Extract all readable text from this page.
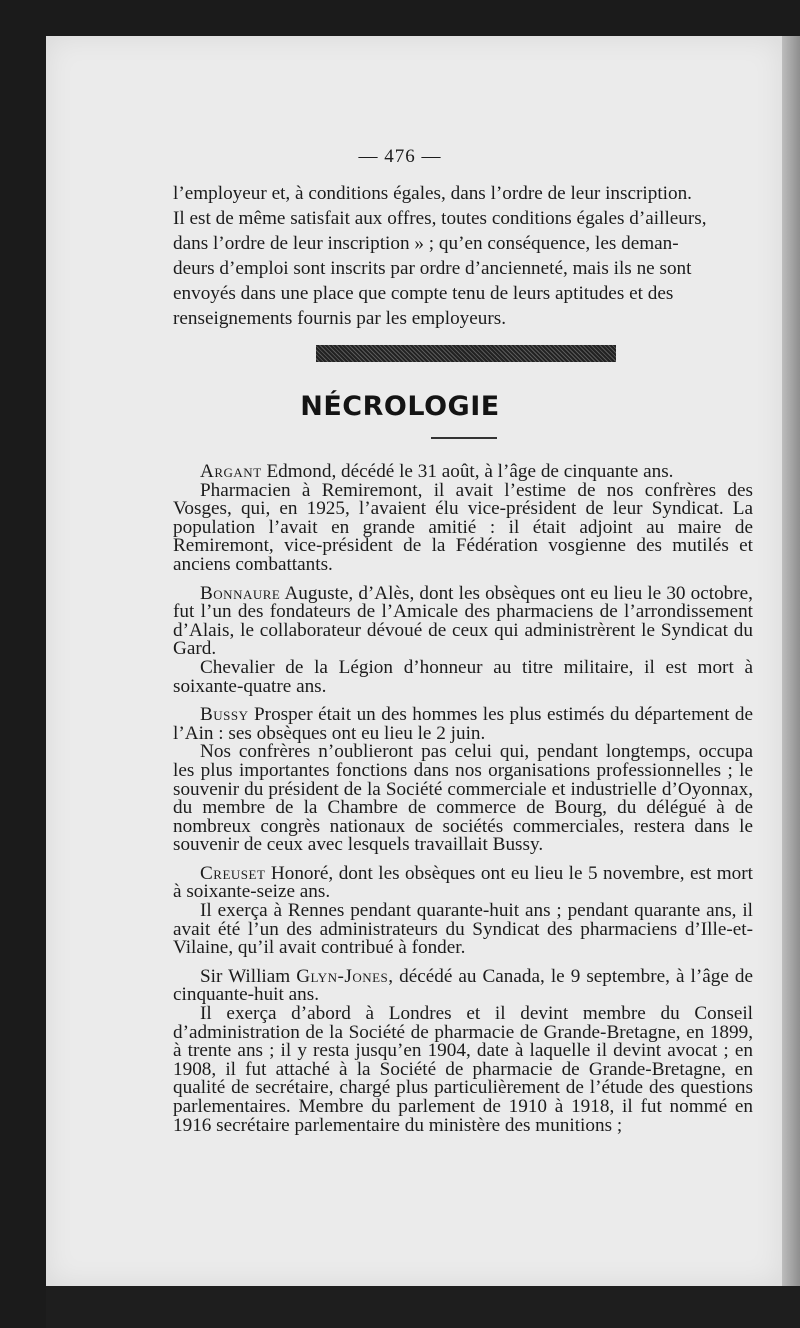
— 476 —

l’employeur et, à conditions égales, dans l’ordre de leur inscription.

Il est de même satisfait aux offres, toutes conditions égales d’ailleurs,

dans l’ordre de leur inscription » ; qu’en conséquence, les deman-

deurs d’emploi sont inscrits par ordre d’ancienneté, mais ils ne sont

envoyés dans une place que compte tenu de leurs aptitudes et des

renseignements fournis par les employeurs.

NÉCROLOGIE

Argant Edmond, décédé le 31 août, à l’âge de cinquante ans.

Pharmacien à Remiremont, il avait l’estime de nos confrères des Vosges, qui, en 1925, l’avaient élu vice-président de leur Syndicat. La population l’avait en grande amitié : il était adjoint au maire de Remiremont, vice-président de la Fédération vosgienne des mutilés et anciens combattants.

Bonnaure Auguste, d’Alès, dont les obsèques ont eu lieu le 30 octobre, fut l’un des fondateurs de l’Amicale des pharmaciens de l’arrondissement d’Alais, le collaborateur dévoué de ceux qui administrèrent le Syndicat du Gard.

Chevalier de la Légion d’honneur au titre militaire, il est mort à soixante-quatre ans.

Bussy Prosper était un des hommes les plus estimés du département de l’Ain : ses obsèques ont eu lieu le 2 juin.

Nos confrères n’oublieront pas celui qui, pendant longtemps, occupa les plus importantes fonctions dans nos organisations professionnelles ; le souvenir du président de la Société commerciale et industrielle d’Oyonnax, du membre de la Chambre de commerce de Bourg, du délégué à de nombreux congrès nationaux de sociétés commerciales, restera dans le souvenir de ceux avec lesquels travaillait Bussy.

Creuset Honoré, dont les obsèques ont eu lieu le 5 novembre, est mort à soixante-seize ans.

Il exerça à Rennes pendant quarante-huit ans ; pendant quarante ans, il avait été l’un des administrateurs du Syndicat des pharmaciens d’Ille-et-Vilaine, qu’il avait contribué à fonder.

Sir William Glyn-Jones, décédé au Canada, le 9 septembre, à l’âge de cinquante-huit ans.

Il exerça d’abord à Londres et il devint membre du Conseil d’administration de la Société de pharmacie de Grande-Bretagne, en 1899, à trente ans ; il y resta jusqu’en 1904, date à laquelle il devint avocat ; en 1908, il fut attaché à la Société de pharmacie de Grande-Bretagne, en qualité de secrétaire, chargé plus particulièrement de l’étude des questions parlementaires. Membre du parlement de 1910 à 1918, il fut nommé en 1916 secrétaire parlementaire du ministère des munitions ;
